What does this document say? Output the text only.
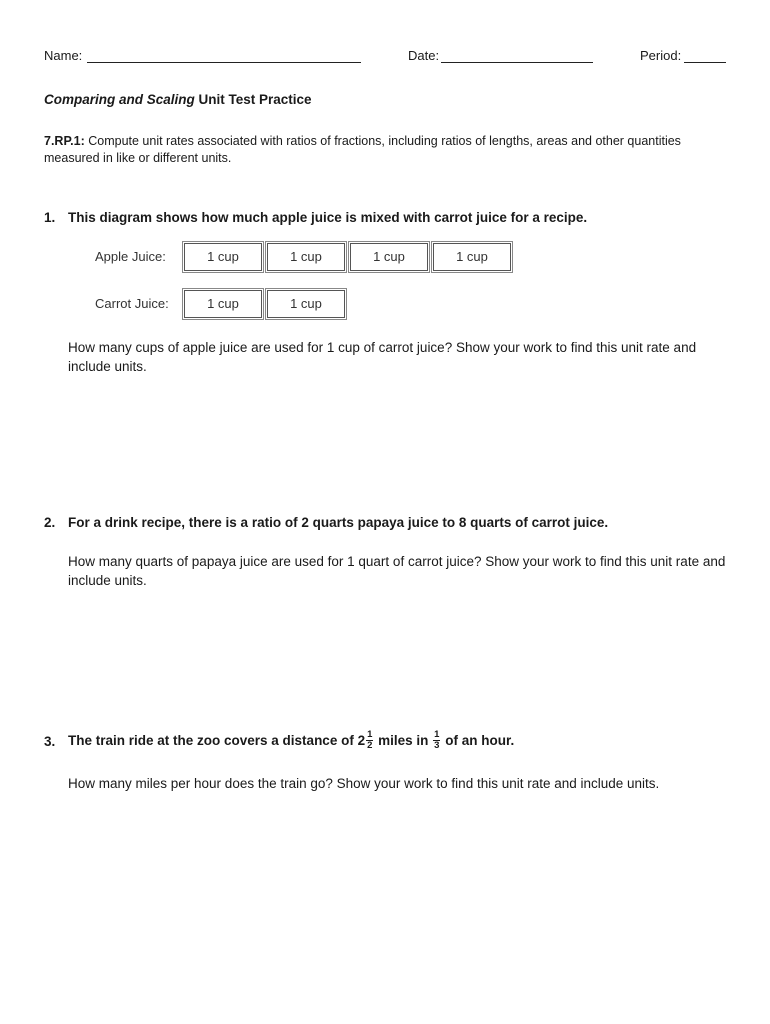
Name:	Date:	Period:
Comparing and Scaling Unit Test Practice
7.RP.1: Compute unit rates associated with ratios of fractions, including ratios of lengths, areas and other quantities measured in like or different units.
1. This diagram shows how much apple juice is mixed with carrot juice for a recipe.
Apple Juice:	1 cup	1 cup	1 cup	1 cup
Carrot Juice:	1 cup	1 cup
How many cups of apple juice are used for 1 cup of carrot juice? Show your work to find this unit rate and include units.
2. For a drink recipe, there is a ratio of 2 quarts papaya juice to 8 quarts of carrot juice.
How many quarts of papaya juice are used for 1 quart of carrot juice? Show your work to find this unit rate and include units.
3. The train ride at the zoo covers a distance of $2 \frac{1}{2}$ miles in $\frac{1}{3}$ of an hour.
How many miles per hour does the train go? Show your work to find this unit rate and include units.
